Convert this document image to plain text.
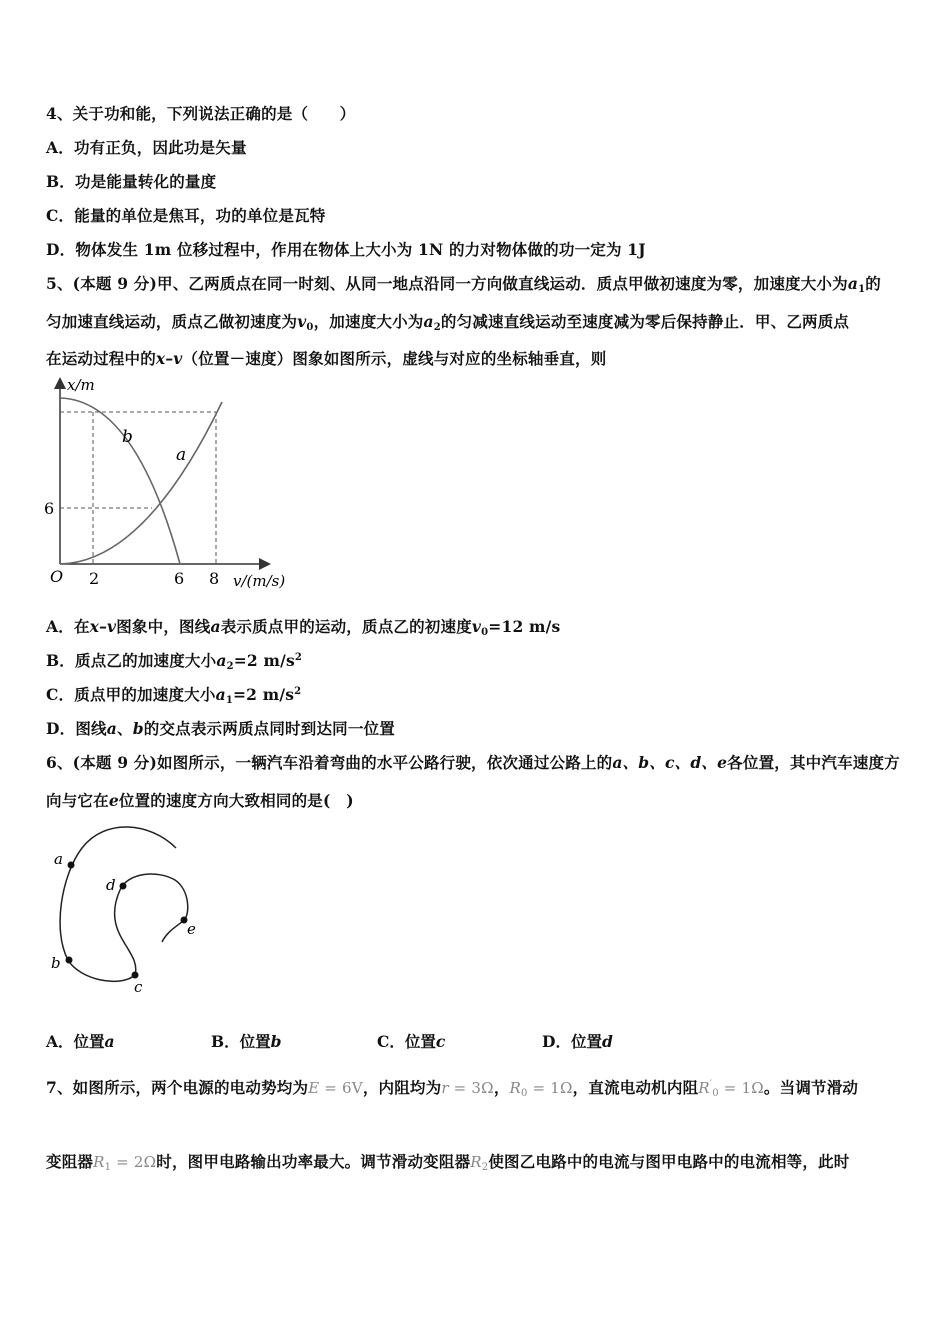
4、关于功和能，下列说法正确的是（　　）
A．功有正负，因此功是矢量
B．功是能量转化的量度
C．能量的单位是焦耳，功的单位是瓦特
D．物体发生 1m 位移过程中，作用在物体上大小为 1N 的力对物体做的功一定为 1J
5、(本题 9 分)甲、乙两质点在同一时刻、从同一地点沿同一方向做直线运动．质点甲做初速度为零，加速度大小为$a_1$的
匀加速直线运动，质点乙做初速度为$v_0$，加速度大小为$a_2$的匀减速直线运动至速度减为零后保持静止．甲、乙两质点
在运动过程中的x–v（位置－速度）图象如图所示，虚线与对应的坐标轴垂直，则
x/m
v/(m/s)
O
6
2	6 8
b
a
A．在x–v图象中，图线a表示质点甲的运动，质点乙的初速度$v_0=12$ m/s
B．质点乙的加速度大小$a_2=2$ $m/s^2$
C．质点甲的加速度大小$a_1=2$ $m/s^2$
D．图线a、b的交点表示两质点同时到达同一位置
6、(本题 9 分)如图所示，一辆汽车沿着弯曲的水平公路行驶，依次通过公路上的a、b、c、d、e各位置，其中汽车速度方
向与它在e位置的速度方向大致相同的是(　)
a
b
c
d
e
A．位置a	B．位置b	C．位置c	D．位置d
7、如图所示，两个电源的电动势均为E = 6V，内阻均为r = 3Ω，$R_0 = 1\Omega$，直流电动机内阻$R'_0 = 1\Omega$。当调节滑动
变阻器$R_1 = 2\Omega$时，图甲电路输出功率最大。调节滑动变阻器$R_2$使图乙电路中的电流与图甲电路中的电流相等，此时
